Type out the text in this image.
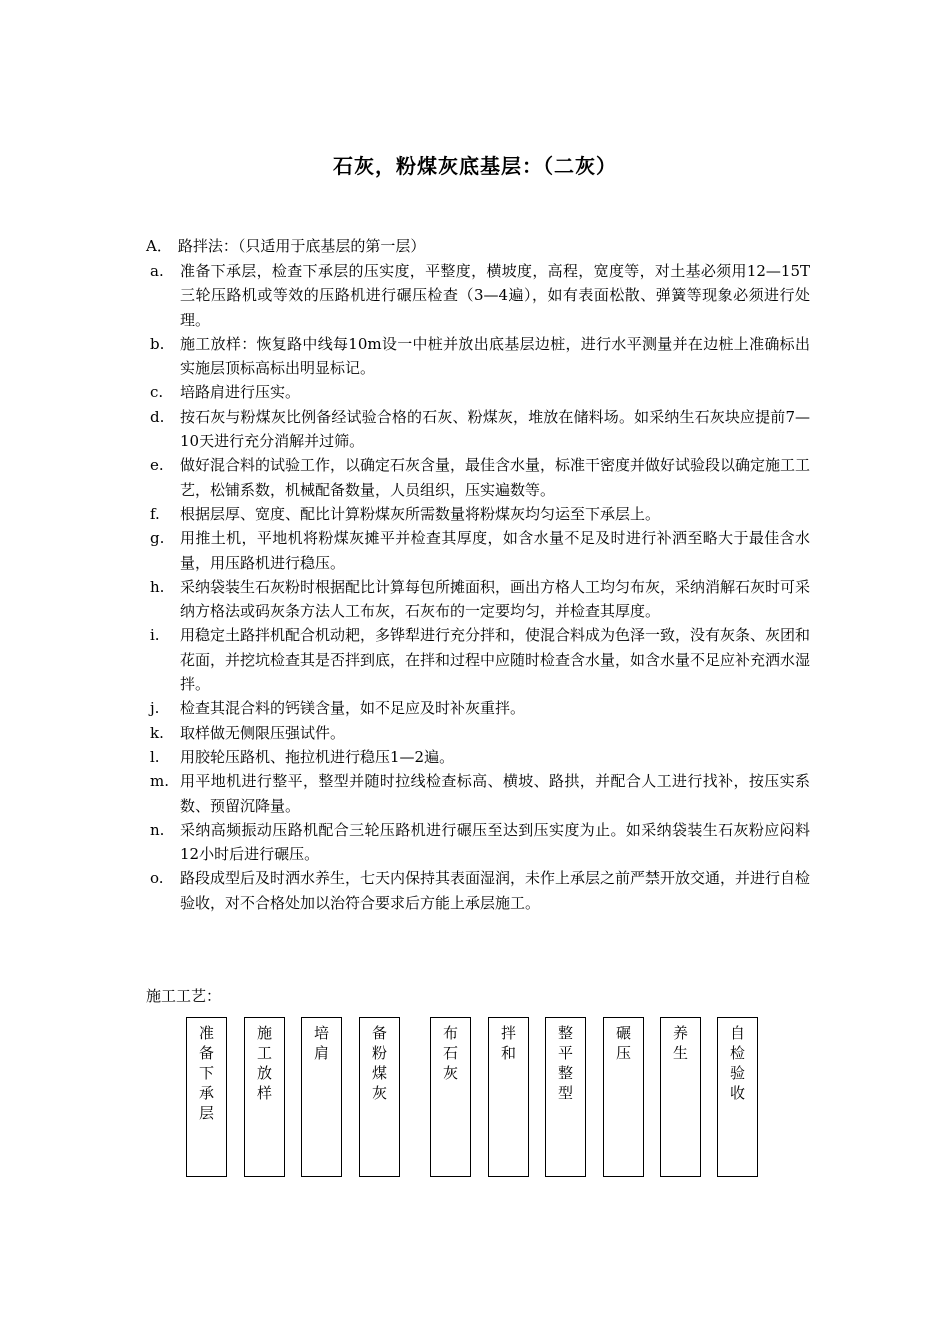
石灰，粉煤灰底基层：（二灰）
A． 路拌法：（只适用于底基层的第一层）
a.	准备下承层，检查下承层的压实度，平整度，横坡度，高程，宽度等，对土基必须用12—15T三轮压路机或等效的压路机进行碾压检查（3—4遍），如有表面松散、弹簧等现象必须进行处理。
b.	施工放样：恢复路中线每10m设一中桩并放出底基层边桩，进行水平测量并在边桩上准确标出实施层顶标高标出明显标记。
c.	培路肩进行压实。
d.	按石灰与粉煤灰比例备经试验合格的石灰、粉煤灰，堆放在储料场。如采纳生石灰块应提前7—10天进行充分消解并过筛。
e.	做好混合料的试验工作，以确定石灰含量，最佳含水量，标准干密度并做好试验段以确定施工工艺，松铺系数，机械配备数量，人员组织，压实遍数等。
f.	根据层厚、宽度、配比计算粉煤灰所需数量将粉煤灰均匀运至下承层上。
g.	用推土机，平地机将粉煤灰摊平并检查其厚度，如含水量不足及时进行补洒至略大于最佳含水量，用压路机进行稳压。
h.	采纳袋装生石灰粉时根据配比计算每包所摊面积，画出方格人工均匀布灰，采纳消解石灰时可采纳方格法或码灰条方法人工布灰，石灰布的一定要均匀，并检查其厚度。
i.	用稳定土路拌机配合机动耙，多铧犁进行充分拌和，使混合料成为色泽一致，没有灰条、灰团和花面，并挖坑检查其是否拌到底，在拌和过程中应随时检查含水量，如含水量不足应补充洒水湿拌。
j.	检查其混合料的钙镁含量，如不足应及时补灰重拌。
k.	取样做无侧限压强试件。
l.	用胶轮压路机、拖拉机进行稳压1—2遍。
m. 用平地机进行整平，整型并随时拉线检查标高、横坡、路拱，并配合人工进行找补，按压实系数、预留沉降量。
n.	采纳高频振动压路机配合三轮压路机进行碾压至达到压实度为止。如采纳袋装生石灰粉应闷料12小时后进行碾压。
o.	路段成型后及时洒水养生，七天内保持其表面湿润，未作上承层之前严禁开放交通，并进行自检验收，对不合格处加以治符合要求后方能上承层施工。
施工工艺：
准
备
下
承
层
施
工
放
样
培
肩
备
粉
煤
灰
布
石
灰
拌
和
整
平
整
型
碾
压
养
生
自
检
验
收
